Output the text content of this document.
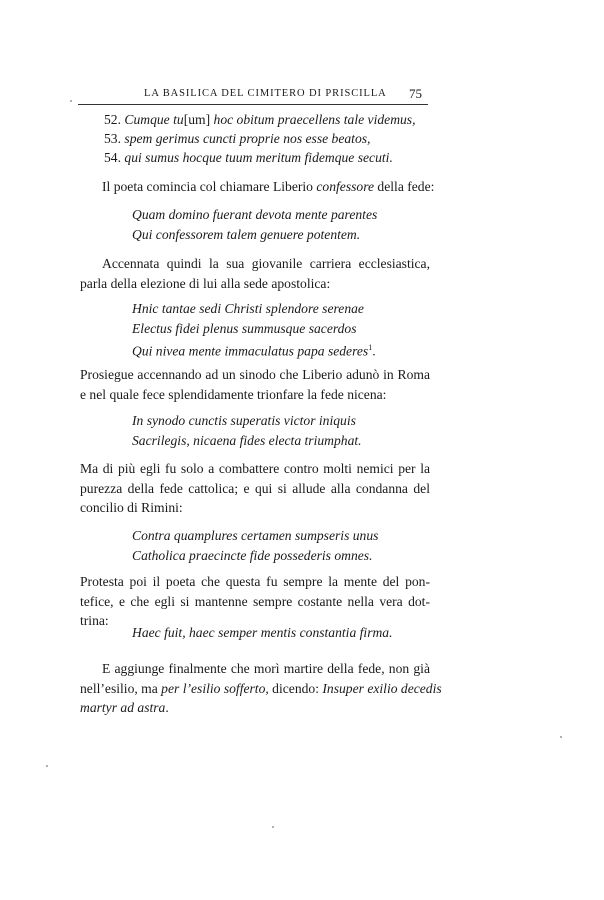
LA BASILICA DEL CIMITERO DI PRISCILLA 75
52. Cumque tu[um] hoc obitum praecellens tale videmus,
53. spem gerimus cuncti proprie nos esse beatos,
54. qui sumus hocque tuum meritum fidemque secuti.
Il poeta comincia col chiamare Liberio confessore della fede:
Quam domino fuerant devota mente parentes
Qui confessorem talem genuere potentem.
Accennata quindi la sua giovanile carriera ecclesiastica,
parla della elezione di lui alla sede apostolica:
Hnic tantae sedi Christi splendore serenae
Electus fidei plenus summusque sacerdos
Qui nivea mente immaculatus papa sederes$^1$.
Prosiegue accennando ad un sinodo che Liberio adunò in Roma
e nel quale fece splendidamente trionfare la fede nicena:
In synodo cunctis superatis victor iniquis
Sacrilegis, nicaena fides electa triumphat.
Ma di più egli fu solo a combattere contro molti nemici per la
purezza della fede cattolica; e qui si allude alla condanna del
concilio di Rimini:
Contra quamplures certamen sumpseris unus
Catholica praecincte fide possederis omnes.
Protesta poi il poeta che questa fu sempre la mente del pon-
tefice, e che egli si mantenne sempre costante nella vera dot-
trina:
Haec fuit, haec semper mentis constantia firma.
E aggiunge finalmente che morì martire della fede, non già
nell’esilio, ma per l’esilio sofferto, dicendo: Insuper exilio decedis
martyr ad astra.
